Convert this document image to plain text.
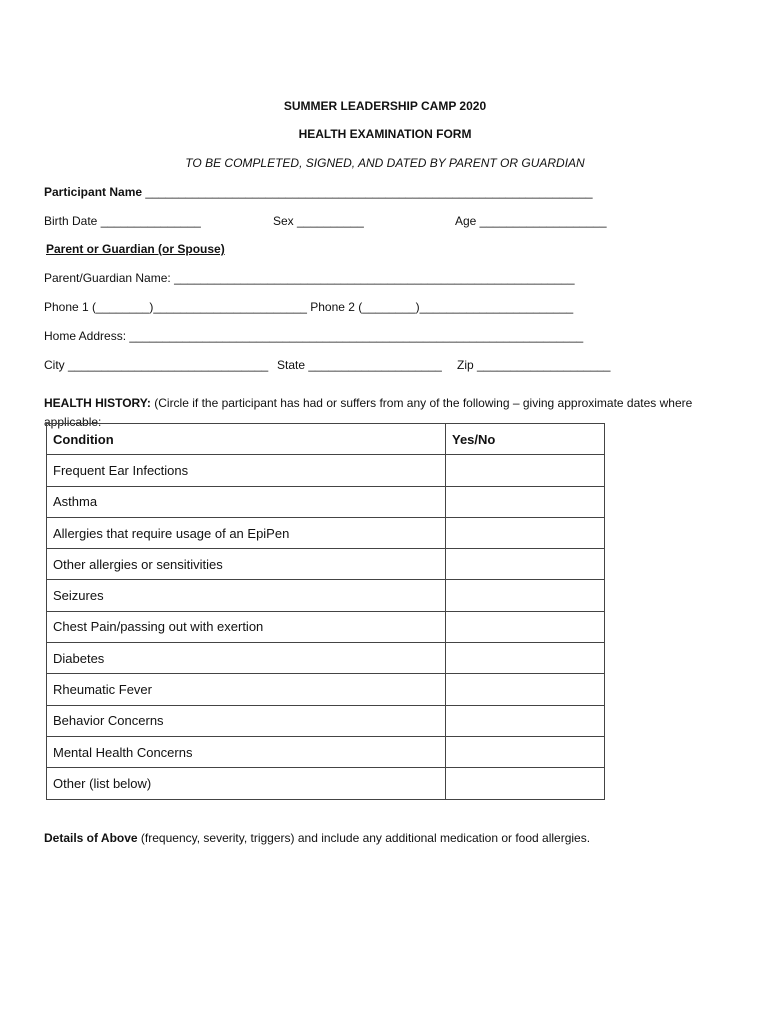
SUMMER LEADERSHIP CAMP 2020
HEALTH EXAMINATION FORM
TO BE COMPLETED, SIGNED, AND DATED BY PARENT OR GUARDIAN
Participant Name ___________________________________________________________________
Birth Date _______________	Sex __________	Age ___________________
Parent or Guardian (or Spouse)
Parent/Guardian Name: ____________________________________________________________
Phone 1 (________)_______________________ Phone 2 (________)_______________________
Home Address: ____________________________________________________________________
City ______________________________ State ____________________ Zip ____________________
HEALTH HISTORY: (Circle if the participant has had or suffers from any of the following – giving approximate dates where applicable:
Condition	Yes/No
Frequent Ear Infections	
Asthma	
Allergies that require usage of an EpiPen	
Other allergies or sensitivities	
Seizures	
Chest Pain/passing out with exertion	
Diabetes	
Rheumatic Fever	
Behavior Concerns	
Mental Health Concerns	
Other (list below)	
Details of Above (frequency, severity, triggers) and include any additional medication or food allergies.
